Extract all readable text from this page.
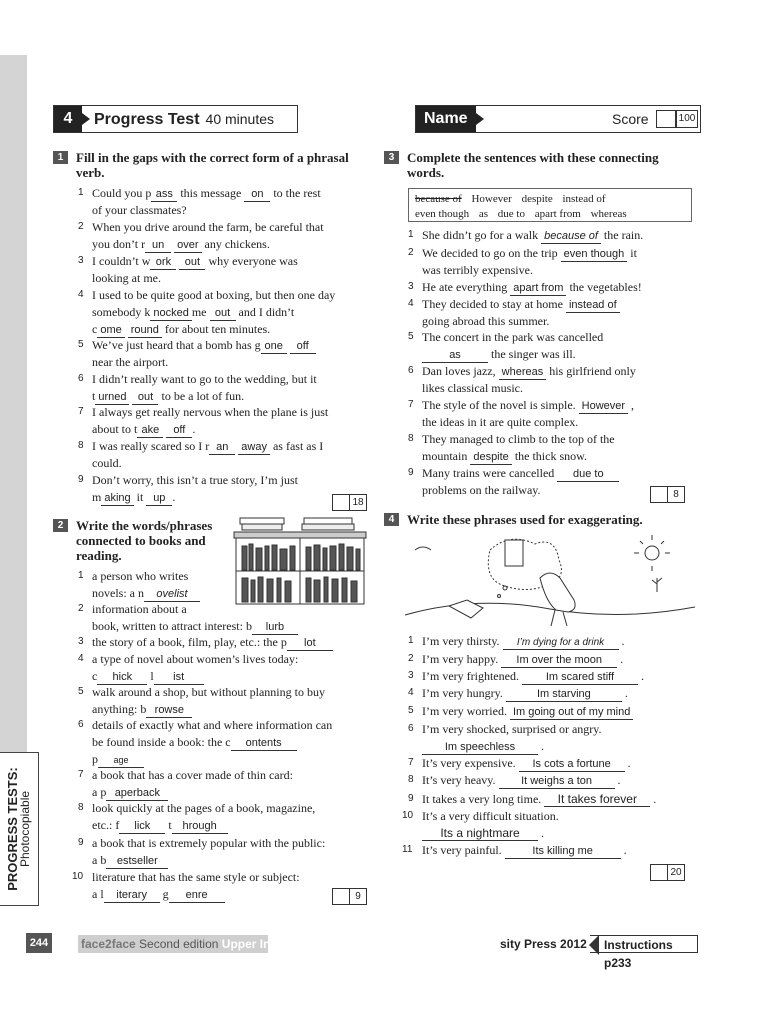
PROGRESS TESTS:
Photocopiable
4	Progress Test 40 minutes	Name	Score	100
1 Fill in the gaps with the correct form of a phrasal verb.
1 Could you p ass this message on to the rest
of your classmates?
2 When you drive around the farm, be careful that
you don’t r un over any chickens.
3 I couldn’t w ork out why everyone was
looking at me.
4 I used to be quite good at boxing, but then one day
somebody k nocked me out and I didn’t
c ome round for about ten minutes.
5 We’ve just heard that a bomb has g one off
near the airport.
6 I didn’t really want to go to the wedding, but it
t urned out to be a lot of fun.
7 I always get really nervous when the plane is just
about to t ake off .
8 I was really scared so I r an away as fast as I
could.
9 Don’t worry, this isn’t a true story, I’m just
m aking it up .	18
2 Write the words/phrases
connected to books and
reading.
1 a person who writes
novels: a n ovelist
2 information about a
book, written to attract interest: b lurb
3 the story of a book, film, play, etc.: the p lot
4 a type of novel about women’s lives today:
c hick l ist
5 walk around a shop, but without planning to buy
anything: b rowse
6 details of exactly what and where information can
be found inside a book: the c ontents
p age
7 a book that has a cover made of thin card:
a p aperback
8 look quickly at the pages of a book, magazine,
etc.: f lick t hrough
9 a book that is extremely popular with the public:
a b estseller
10 literature that has the same style or subject:
a l iterary g enre	9
3 Complete the sentences with these connecting words.
because of However despite instead of
even though as due to apart from whereas
1 She didn’t go for a walk because of the rain.
2 We decided to go on the trip even though it
was terribly expensive.
3 He ate everything apart from the vegetables!
4 They decided to stay at home instead of
going abroad this summer.
5 The concert in the park was cancelled
as the singer was ill.
6 Dan loves jazz, whereas his girlfriend only
likes classical music.
7 The style of the novel is simple. However ,
the ideas in it are quite complex.
8 They managed to climb to the top of the
mountain despite the thick snow.
9 Many trains were cancelled due to
problems on the railway.	8
4 Write these phrases used for exaggerating.
1 I’m very thirsty. I’m dying for a drink .
2 I’m very happy. Im over the moon .
3 I’m very frightened. Im scared stiff .
4 I’m very hungry.	Im starving	.
5 I’m very worried. Im going out of my mind
6 I’m very shocked, surprised or angry.
Im speechless .
7 It’s very expensive. Is cots a fortune .
8 It’s very heavy. It weighs a ton .
9 It takes a very long time. It takes forever .
10 It’s a very difficult situation.
Its a nightmare .
11 It’s very painful.	Its killing me .
20
244	face2face Second edition Upper Inte	sity Press 2012	Instructions p233
